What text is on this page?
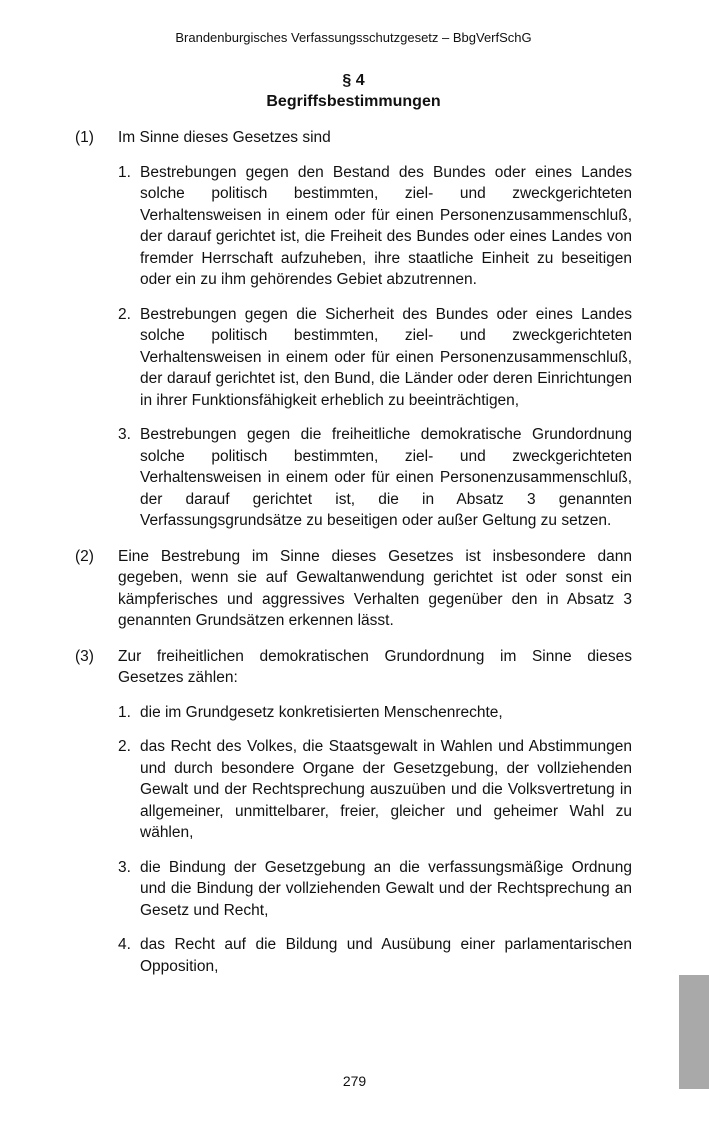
Brandenburgisches Verfassungsschutzgesetz – BbgVerfSchG
§ 4
Begriffsbestimmungen
(1)	Im Sinne dieses Gesetzes sind
1. Bestrebungen gegen den Bestand des Bundes oder eines Landes solche politisch bestimmten, ziel- und zweckgerichteten Verhaltensweisen in einem oder für einen Personenzusammenschluß, der darauf gerichtet ist, die Freiheit des Bundes oder eines Landes von fremder Herrschaft aufzuheben, ihre staatliche Einheit zu beseitigen oder ein zu ihm gehörendes Gebiet abzutrennen.
2. Bestrebungen gegen die Sicherheit des Bundes oder eines Landes solche politisch bestimmten, ziel- und zweckgerichteten Verhaltensweisen in einem oder für einen Personenzusammenschluß, der darauf gerichtet ist, den Bund, die Länder oder deren Einrichtungen in ihrer Funktionsfähigkeit erheblich zu beeinträchtigen,
3. Bestrebungen gegen die freiheitliche demokratische Grundordnung solche politisch bestimmten, ziel- und zweckgerichteten Verhaltensweisen in einem oder für einen Personenzusammenschluß, der darauf gerichtet ist, die in Absatz 3 genannten Verfassungsgrundsätze zu beseitigen oder außer Geltung zu setzen.
(2)	Eine Bestrebung im Sinne dieses Gesetzes ist insbesondere dann gegeben, wenn sie auf Gewaltanwendung gerichtet ist oder sonst ein kämpferisches und aggressives Verhalten gegenüber den in Absatz 3 genannten Grundsätzen erkennen lässt.
(3)	Zur freiheitlichen demokratischen Grundordnung im Sinne dieses Gesetzes zählen:
1. die im Grundgesetz konkretisierten Menschenrechte,
2. das Recht des Volkes, die Staatsgewalt in Wahlen und Abstimmungen und durch besondere Organe der Gesetzgebung, der vollziehenden Gewalt und der Rechtsprechung auszuüben und die Volksvertretung in allgemeiner, unmittelbarer, freier, gleicher und geheimer Wahl zu wählen,
3. die Bindung der Gesetzgebung an die verfassungsmäßige Ordnung und die Bindung der vollziehenden Gewalt und der Rechtsprechung an Gesetz und Recht,
4. das Recht auf die Bildung und Ausübung einer parlamentarischen Opposition,
279
